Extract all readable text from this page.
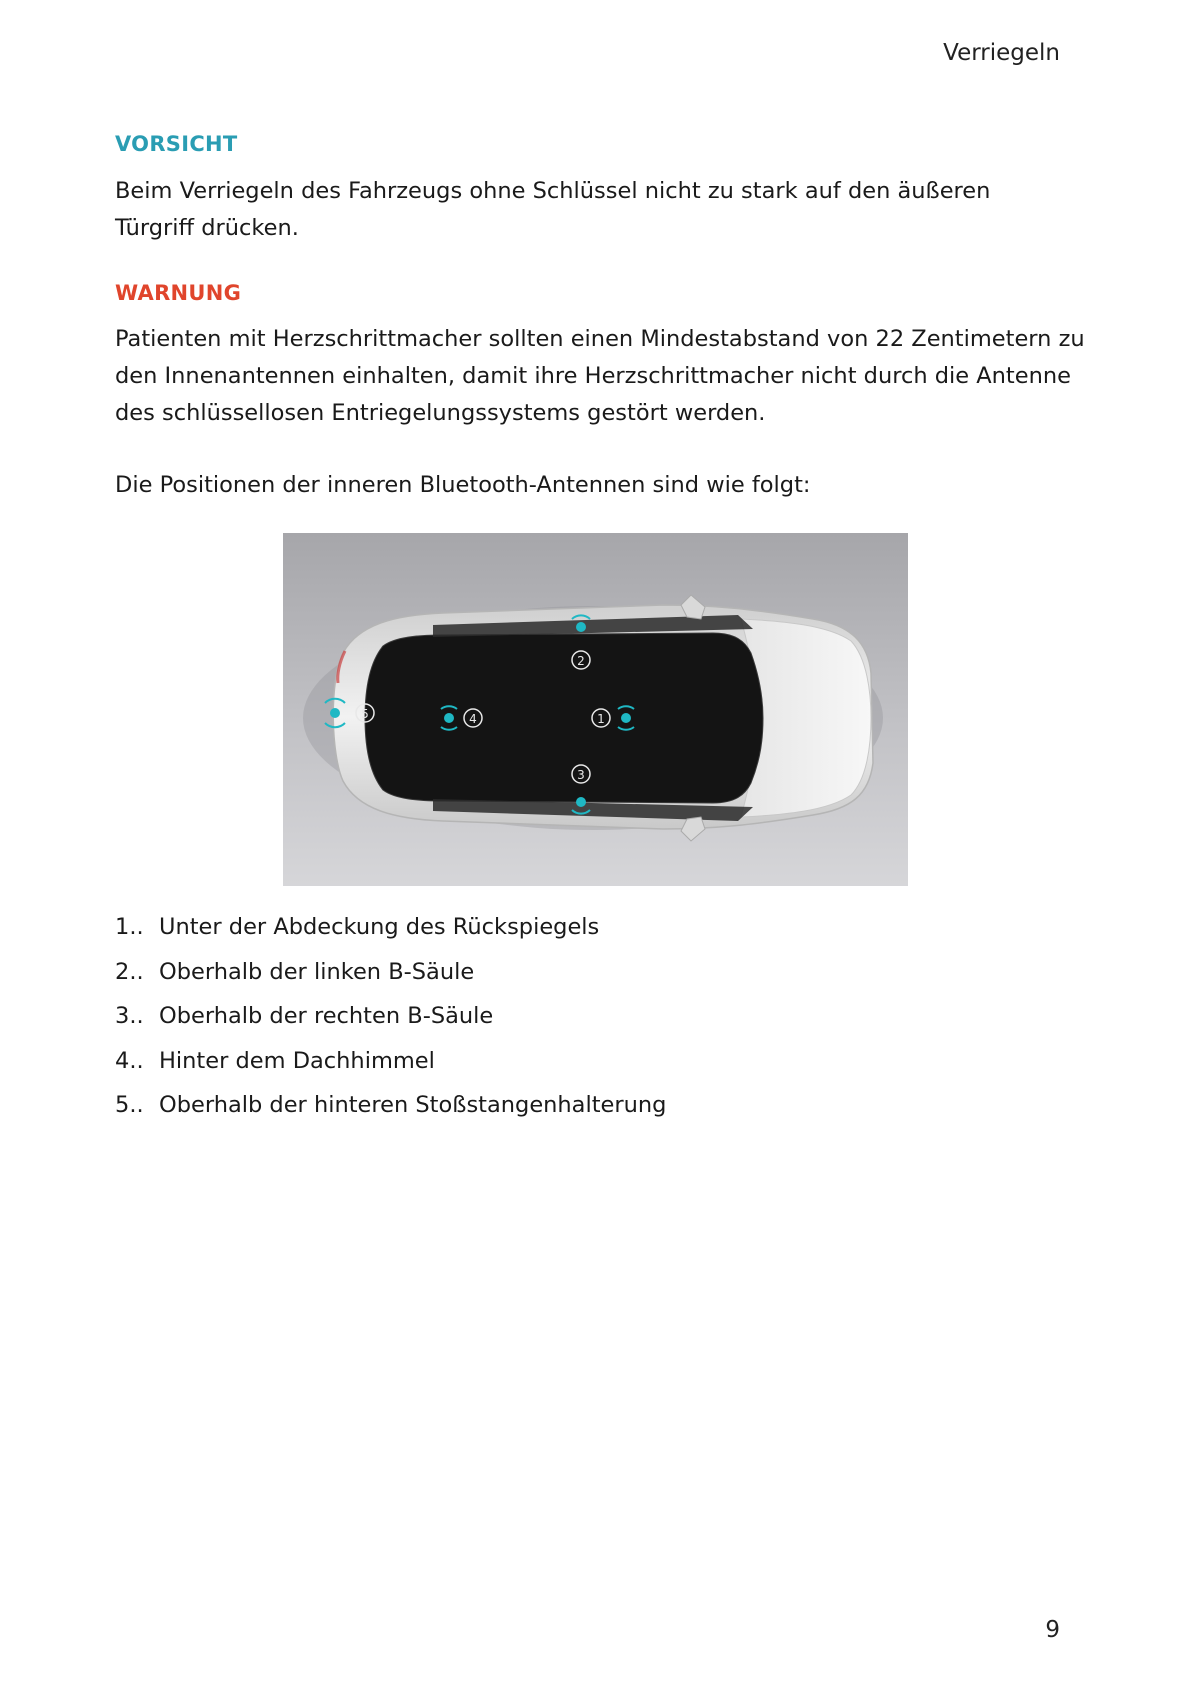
Verriegeln
VORSICHT

Beim Verriegeln des Fahrzeugs ohne Schlüssel nicht zu stark auf den äußeren Türgriff drücken.

WARNUNG

Patienten mit Herzschrittmacher sollten einen Mindestabstand von 22 Zentimetern zu den Innenantennen einhalten, damit ihre Herzschrittmacher nicht durch die Antenne des schlüssellosen Entriegelungssystems gestört werden.

Die Positionen der inneren Bluetooth-Antennen sind wie folgt:

1
2
3
4
5
1.. Unter der Abdeckung des Rückspiegels
2.. Oberhalb der linken B-Säule
3.. Oberhalb der rechten B-Säule
4.. Hinter dem Dachhimmel
5.. Oberhalb der hinteren Stoßstangenhalterung
9
